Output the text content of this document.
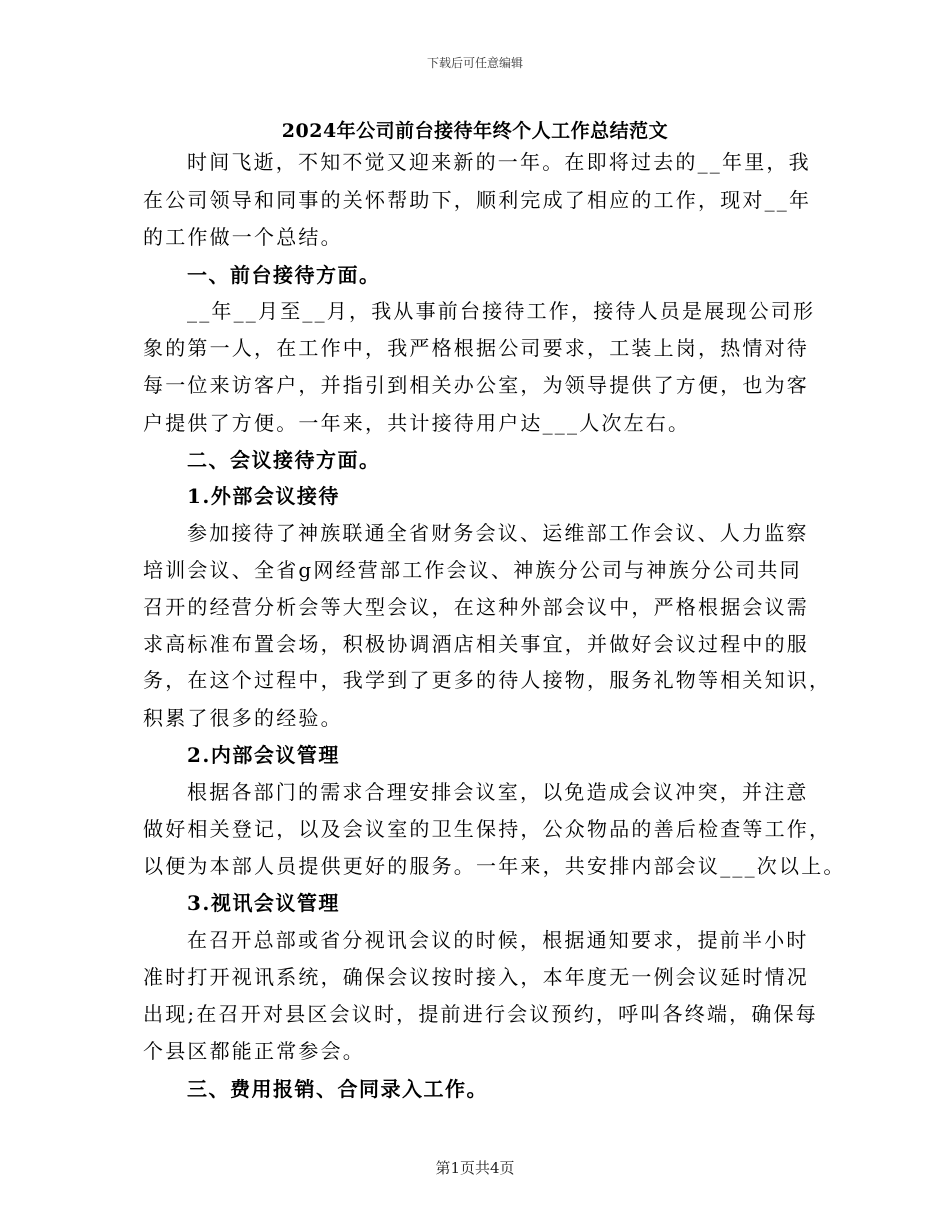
下载后可任意编辑
2024年公司前台接待年终个人工作总结范文
时间飞逝，不知不觉又迎来新的一年。在即将过去的__年里，我
在公司领导和同事的关怀帮助下，顺利完成了相应的工作，现对__年
的工作做一个总结。
一、前台接待方面。
__年__月至__月，我从事前台接待工作，接待人员是展现公司形
象的第一人，在工作中，我严格根据公司要求，工装上岗，热情对待
每一位来访客户，并指引到相关办公室，为领导提供了方便，也为客
户提供了方便。一年来，共计接待用户达___人次左右。
二、会议接待方面。
1.外部会议接待
参加接待了神族联通全省财务会议、运维部工作会议、人力监察
培训会议、全省g网经营部工作会议、神族分公司与神族分公司共同
召开的经营分析会等大型会议，在这种外部会议中，严格根据会议需
求高标准布置会场，积极协调酒店相关事宜，并做好会议过程中的服
务，在这个过程中，我学到了更多的待人接物，服务礼物等相关知识，
积累了很多的经验。
2.内部会议管理
根据各部门的需求合理安排会议室，以免造成会议冲突，并注意
做好相关登记，以及会议室的卫生保持，公众物品的善后检查等工作，
以便为本部人员提供更好的服务。一年来，共安排内部会议___次以上。
3.视讯会议管理
在召开总部或省分视讯会议的时候，根据通知要求，提前半小时
准时打开视讯系统，确保会议按时接入，本年度无一例会议延时情况
出现;在召开对县区会议时，提前进行会议预约，呼叫各终端，确保每
个县区都能正常参会。
三、费用报销、合同录入工作。
第1页共4页
